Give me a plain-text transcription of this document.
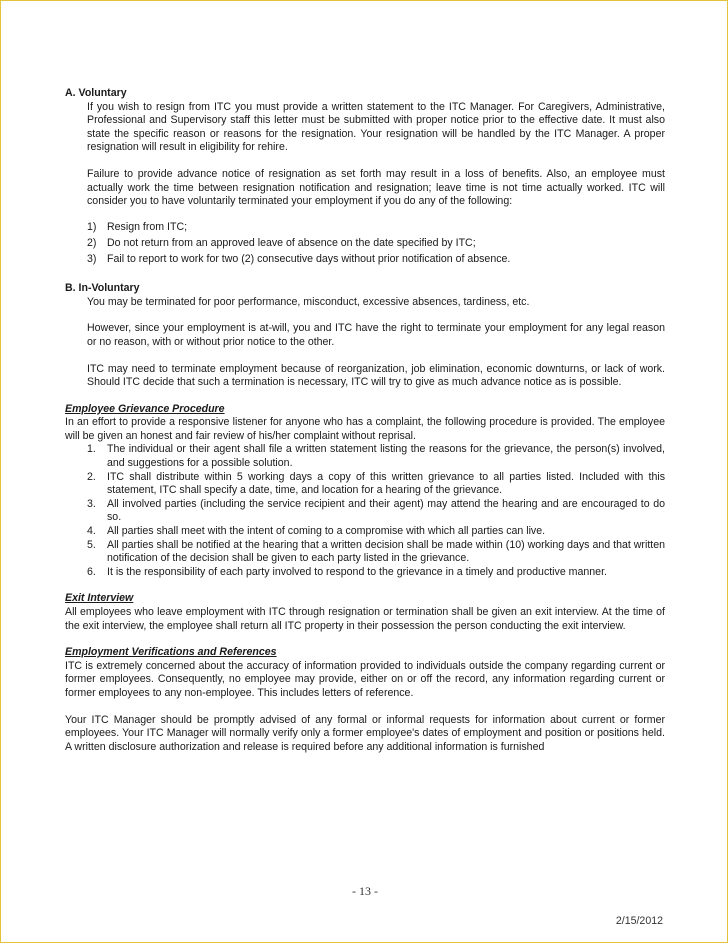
A. Voluntary

If you wish to resign from ITC you must provide a written statement to the ITC Manager. For Caregivers, Administrative, Professional and Supervisory staff this letter must be submitted with proper notice prior to the effective date. It must also state the specific reason or reasons for the resignation. Your resignation will be handled by the ITC Manager. A proper resignation will result in eligibility for rehire.

Failure to provide advance notice of resignation as set forth may result in a loss of benefits. Also, an employee must actually work the time between resignation notification and resignation; leave time is not time actually worked. ITC will consider you to have voluntarily terminated your employment if you do any of the following:

1) Resign from ITC;
2) Do not return from an approved leave of absence on the date specified by ITC;
3) Fail to report to work for two (2) consecutive days without prior notification of absence.
B. In-Voluntary

You may be terminated for poor performance, misconduct, excessive absences, tardiness, etc.

However, since your employment is at-will, you and ITC have the right to terminate your employment for any legal reason or no reason, with or without prior notice to the other.

ITC may need to terminate employment because of reorganization, job elimination, economic downturns, or lack of work. Should ITC decide that such a termination is necessary, ITC will try to give as much advance notice as is possible.

Employee Grievance Procedure

In an effort to provide a responsive listener for anyone who has a complaint, the following procedure is provided. The employee will be given an honest and fair review of his/her complaint without reprisal.

1.	The individual or their agent shall file a written statement listing the reasons for the grievance, the person(s) involved, and suggestions for a possible solution.
2.	ITC shall distribute within 5 working days a copy of this written grievance to all parties listed. Included with this statement, ITC shall specify a date, time, and location for a hearing of the grievance.
3.	All involved parties (including the service recipient and their agent) may attend the hearing and are encouraged to do so.
4.	All parties shall meet with the intent of coming to a compromise with which all parties can live.
5.	All parties shall be notified at the hearing that a written decision shall be made within (10) working days and that written notification of the decision shall be given to each party listed in the grievance.
6.	It is the responsibility of each party involved to respond to the grievance in a timely and productive manner.
Exit Interview

All employees who leave employment with ITC through resignation or termination shall be given an exit interview. At the time of the exit interview, the employee shall return all ITC property in their possession the person conducting the exit interview.

Employment Verifications and References

ITC is extremely concerned about the accuracy of information provided to individuals outside the company regarding current or former employees. Consequently, no employee may provide, either on or off the record, any information regarding current or former employees to any non-employee. This includes letters of reference.

Your ITC Manager should be promptly advised of any formal or informal requests for information about current or former employees. Your ITC Manager will normally verify only a former employee's dates of employment and position or positions held. A written disclosure authorization and release is required before any additional information is furnished

- 13 -
2/15/2012
